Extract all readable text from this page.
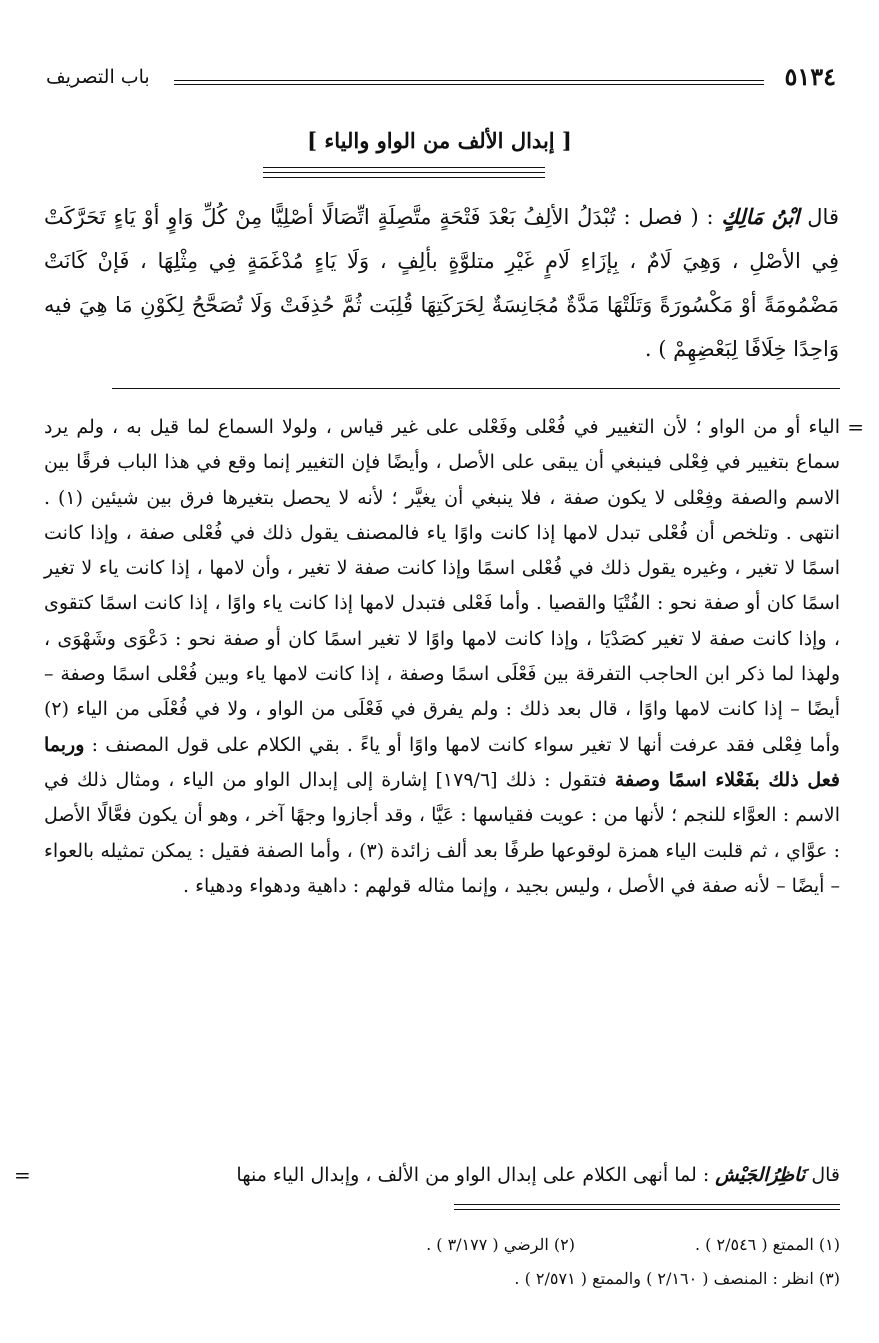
٥١٣٤
باب التصريف
[ إبدال الألف من الواو والياء ]
قال ابْنُ مَالِكٍ : ( فصل : تُبْدَلُ الألِفُ بَعْدَ فَتْحَةٍ متَّصِلَةٍ اتِّصَالًا أصْلِيًّا مِنْ كُلِّ وَاوٍ أوْ يَاءٍ تَحَرَّكَتْ فِي الأصْلِ ، وَهِيَ لَامٌ ، بِإزَاءِ لَامٍ غَيْرِ متلوَّةٍ بألِفٍ ، وَلَا يَاءٍ مُدْغَمَةٍ فِي مِثْلِهَا ، فَإنْ كَانَتْ مَضْمُومَةً أوْ مَكْسُورَةً وَتَلَتْهَا مَدَّةٌ مُجَانِسَةٌ لِحَرَكَتِهَا قُلِبَت ثُمَّ حُذِفَتْ وَلَا تُصَحَّحُ لِكَوْنِ مَا هِيَ فيه وَاحِدًا خِلَافًا لِبَعْضِهِمْ ) .
=
الياء أو من الواو ؛ لأن التغيير في فُعْلى وفَعْلى على غير قياس ، ولولا السماع لما قيل به ، ولم يرد سماع بتغيير في فِعْلى فينبغي أن يبقى على الأصل ، وأيضًا فإن التغيير إنما وقع في هذا الباب فرقًا بين الاسم والصفة وفِعْلى لا يكون صفة ، فلا ينبغي أن يغيَّر ؛ لأنه لا يحصل بتغيرها فرق بين شيئين (١) . انتهى . وتلخص أن فُعْلى تبدل لامها إذا كانت واوًا ياء فالمصنف يقول ذلك في فُعْلى صفة ، وإذا كانت اسمًا لا تغير ، وغيره يقول ذلك في فُعْلى اسمًا وإذا كانت صفة لا تغير ، وأن لامها ، إذا كانت ياء لا تغير اسمًا كان أو صفة نحو : الفُتْيَا والقصيا . وأما فَعْلى فتبدل لامها إذا كانت ياء واوًا ، إذا كانت اسمًا كتقوى ، وإذا كانت صفة لا تغير كصَدْيَا ، وإذا كانت لامها واوًا لا تغير اسمًا كان أو صفة نحو : دَعْوَى وشَهْوَى ، ولهذا لما ذكر ابن الحاجب التفرقة بين فَعْلَى اسمًا وصفة ، إذا كانت لامها ياء وبين فُعْلى اسمًا وصفة – أيضًا – إذا كانت لامها واوًا ، قال بعد ذلك : ولم يفرق في فَعْلَى من الواو ، ولا في فُعْلَى من الياء (٢) وأما فِعْلى فقد عرفت أنها لا تغير سواء كانت لامها واوًا أو ياءً . بقي الكلام على قول المصنف : وربما فعل ذلك بفَعْلاء اسمًا وصفة فتقول : ذلك [١٧٩/٦] إشارة إلى إبدال الواو من الياء ، ومثال ذلك في الاسم : العوَّاء للنجم ؛ لأنها من : عويت فقياسها : عَيَّا ، وقد أجازوا وجهًا آخر ، وهو أن يكون فعَّالًا الأصل : عوَّاي ، ثم قلبت الياء همزة لوقوعها طرفًا بعد ألف زائدة (٣) ، وأما الصفة فقيل : يمكن تمثيله بالعواء – أيضًا – لأنه صفة في الأصل ، وليس بجيد ، وإنما مثاله قولهم : داهية ودهواء ودهياء .
قال نَاظِرُالجَيْش : لما أنهى الكلام على إبدال الواو من الألف ، وإبدال الياء منها
=
(١) الممتع ( ٢/٥٤٦ ) .
(٢) الرضي ( ٣/١٧٧ ) .
(٣) انظر : المنصف ( ٢/١٦٠ ) والممتع ( ٢/٥٧١ ) .
